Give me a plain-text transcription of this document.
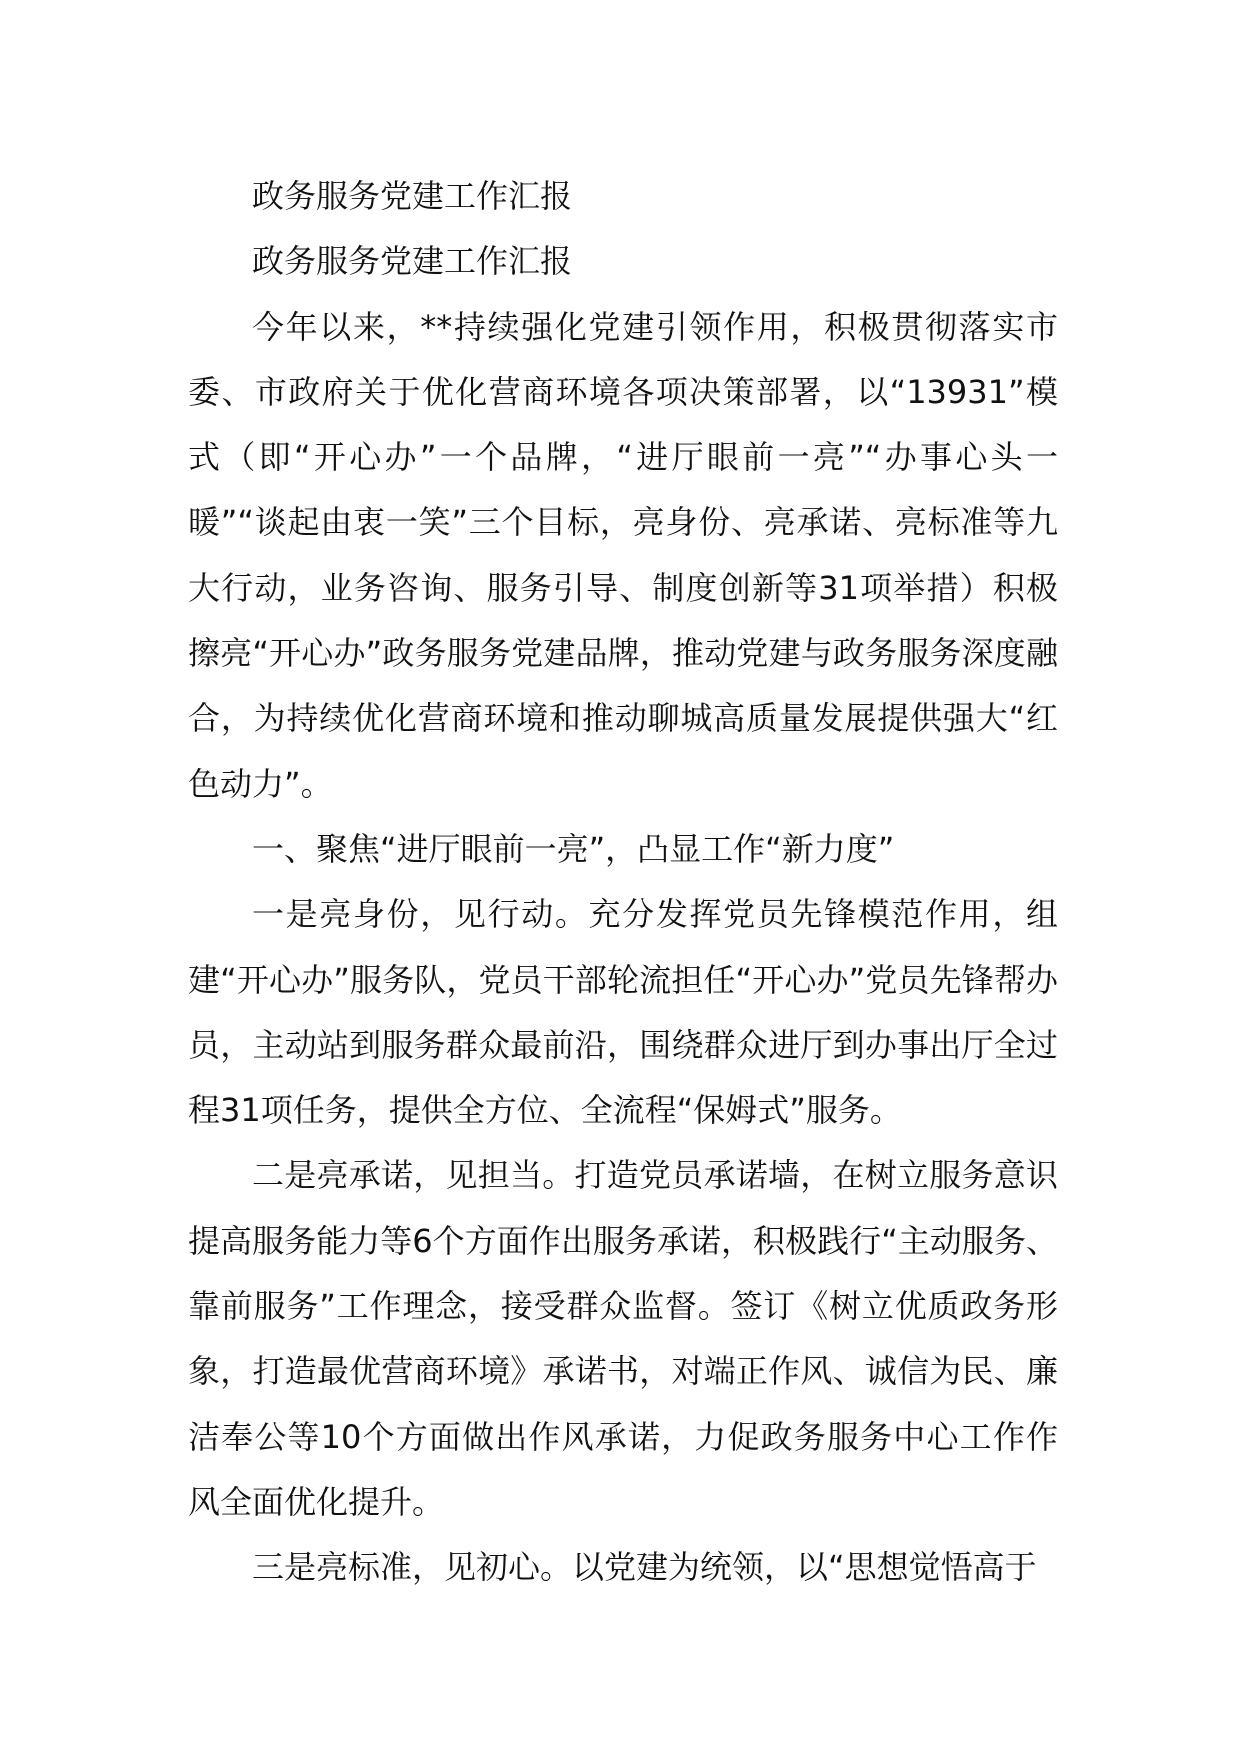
政务服务党建工作汇报

政务服务党建工作汇报

今年以来，**持续强化党建引领作用，积极贯彻落实市委、市政府关于优化营商环境各项决策部署，以“13931”模式（即“开心办”一个品牌，“进厅眼前一亮”“办事心头一暖”“谈起由衷一笑”三个目标，亮身份、亮承诺、亮标准等九大行动，业务咨询、服务引导、制度创新等31项举措）积极擦亮“开心办”政务服务党建品牌，推动党建与政务服务深度融合，为持续优化营商环境和推动聊城高质量发展提供强大“红色动力”。

一、聚焦“进厅眼前一亮”，凸显工作“新力度”

一是亮身份，见行动。充分发挥党员先锋模范作用，组建“开心办”服务队，党员干部轮流担任“开心办”党员先锋帮办员，主动站到服务群众最前沿，围绕群众进厅到办事出厅全过程31项任务，提供全方位、全流程“保姆式”服务。

二是亮承诺，见担当。打造党员承诺墙，在树立服务意识提高服务能力等6个方面作出服务承诺，积极践行“主动服务、靠前服务”工作理念，接受群众监督。签订《树立优质政务形象，打造最优营商环境》承诺书，对端正作风、诚信为民、廉洁奉公等10个方面做出作风承诺，力促政务服务中心工作作风全面优化提升。

三是亮标准，见初心。以党建为统领，以“思想觉悟高于
